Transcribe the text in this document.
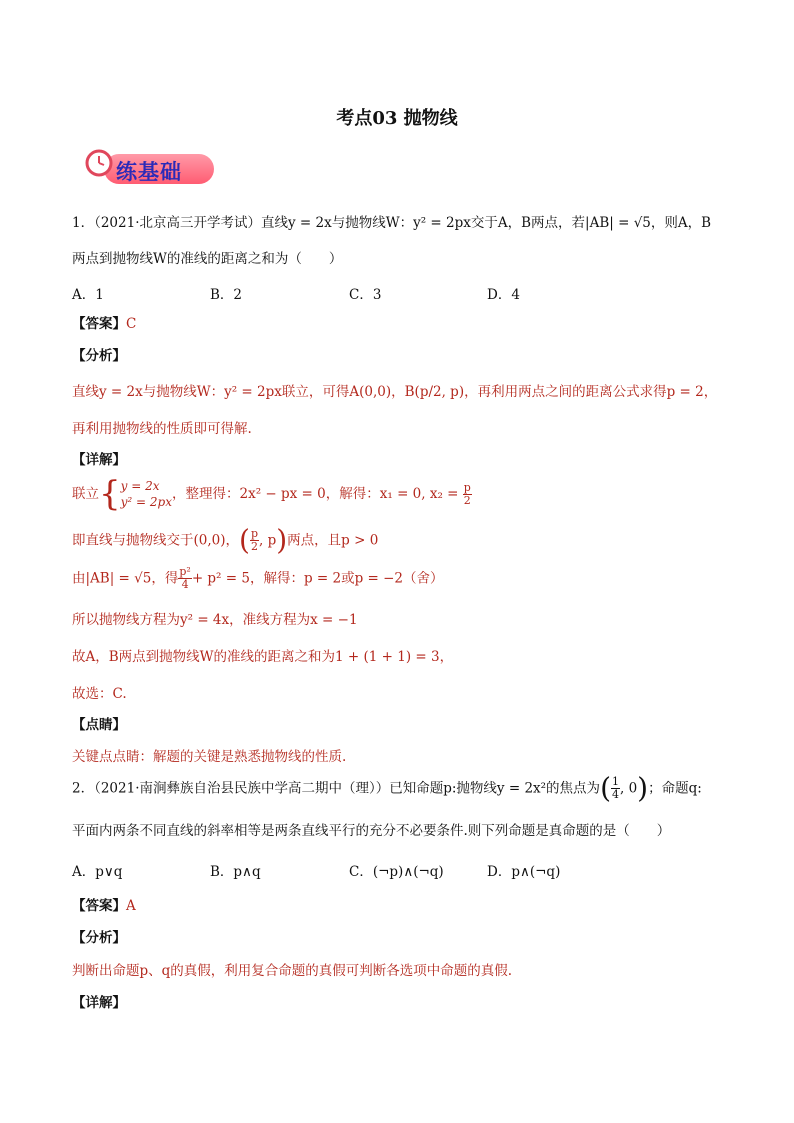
考点03 抛物线
练基础
1．（2021·北京高三开学考试）直线y = 2x与抛物线W：y² = 2px交于A，B两点，若|AB| = √5，则A，B
两点到抛物线W的准线的距离之和为（　　）
A．1	B．2	C．3	D．4
【答案】C
【分析】
直线y = 2x与抛物线W：y² = 2px联立，可得A(0,0)，B(p/2, p)，再利用两点之间的距离公式求得p = 2，
再利用抛物线的性质即可得解.
【详解】
联立{ y = 2x
y² = 2px ，整理得：2x² − px = 0，解得：x₁ = 0, $x_2 = \frac{p}{2}$
即直线与抛物线交于(0,0)，( $\frac{p}{2}$ , p)两点，且p > 0
由|AB| = √5，得 $\frac{\text{p²}}{4} + p^2 = 5$，解得：p = 2或p = −2（舍）
所以抛物线方程为y² = 4x，准线方程为x = −1
故A，B两点到抛物线W的准线的距离之和为1 + (1 + 1) = 3，
故选：C.
【点睛】
关键点点睛：解题的关键是熟悉抛物线的性质.
2．（2021·南涧彝族自治县民族中学高二期中（理））已知命题p:抛物线y = 2x²的焦点为( $\frac{1}{4}$ , 0)；命题q:
平面内两条不同直线的斜率相等是两条直线平行的充分不必要条件.则下列命题是真命题的是（　　）
A．p∨q	B．p∧q	C．(¬p)∧(¬q)	D．p∧(¬q)
【答案】A
【分析】
判断出命题p、q的真假，利用复合命题的真假可判断各选项中命题的真假.
【详解】
